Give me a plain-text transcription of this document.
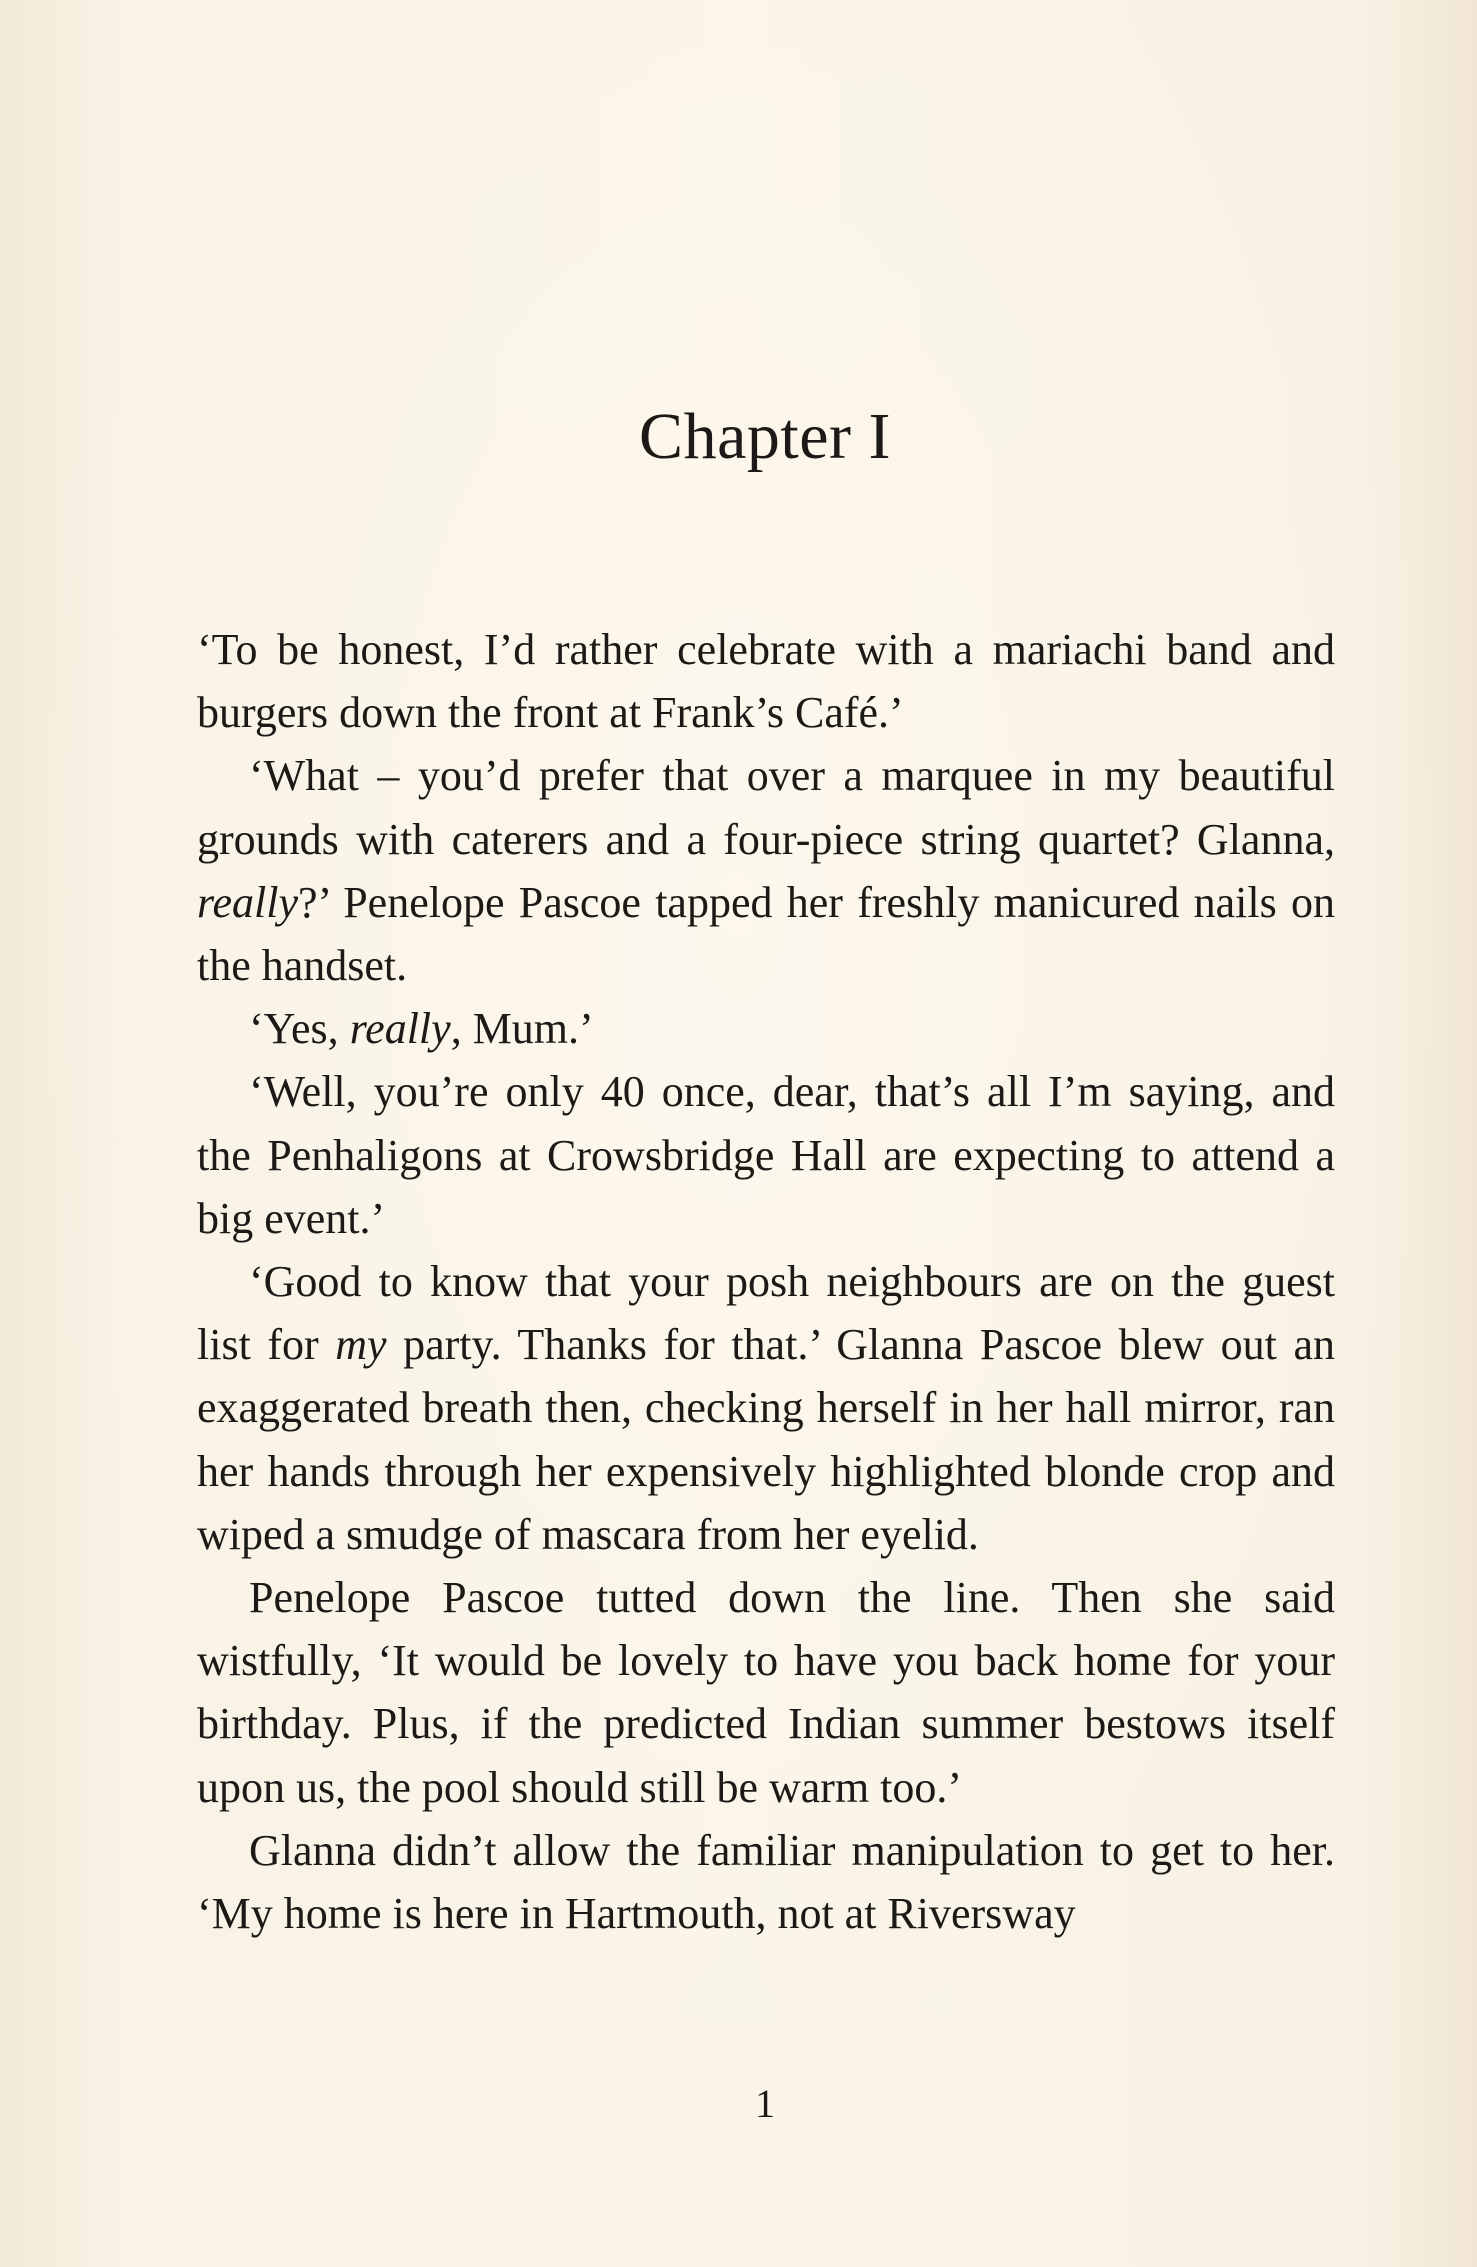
Chapter I

‘To be honest, I’d rather celebrate with a mariachi band and burgers down the front at Frank’s Café.’

‘What – you’d prefer that over a marquee in my beautiful grounds with caterers and a four-piece string quartet? Glanna, really?’ Penelope Pascoe tapped her freshly manicured nails on the handset.

‘Yes, really, Mum.’

‘Well, you’re only 40 once, dear, that’s all I’m saying, and the Penhaligons at Crowsbridge Hall are expecting to attend a big event.’

‘Good to know that your posh neighbours are on the guest list for my party. Thanks for that.’ Glanna Pascoe blew out an exaggerated breath then, checking herself in her hall mirror, ran her hands through her expensively highlighted blonde crop and wiped a smudge of mascara from her eyelid.

Penelope Pascoe tutted down the line. Then she said wistfully, ‘It would be lovely to have you back home for your birthday. Plus, if the predicted Indian summer bestows itself upon us, the pool should still be warm too.’

Glanna didn’t allow the familiar manipulation to get to her. ‘My home is here in Hartmouth, not at Riversway

1
